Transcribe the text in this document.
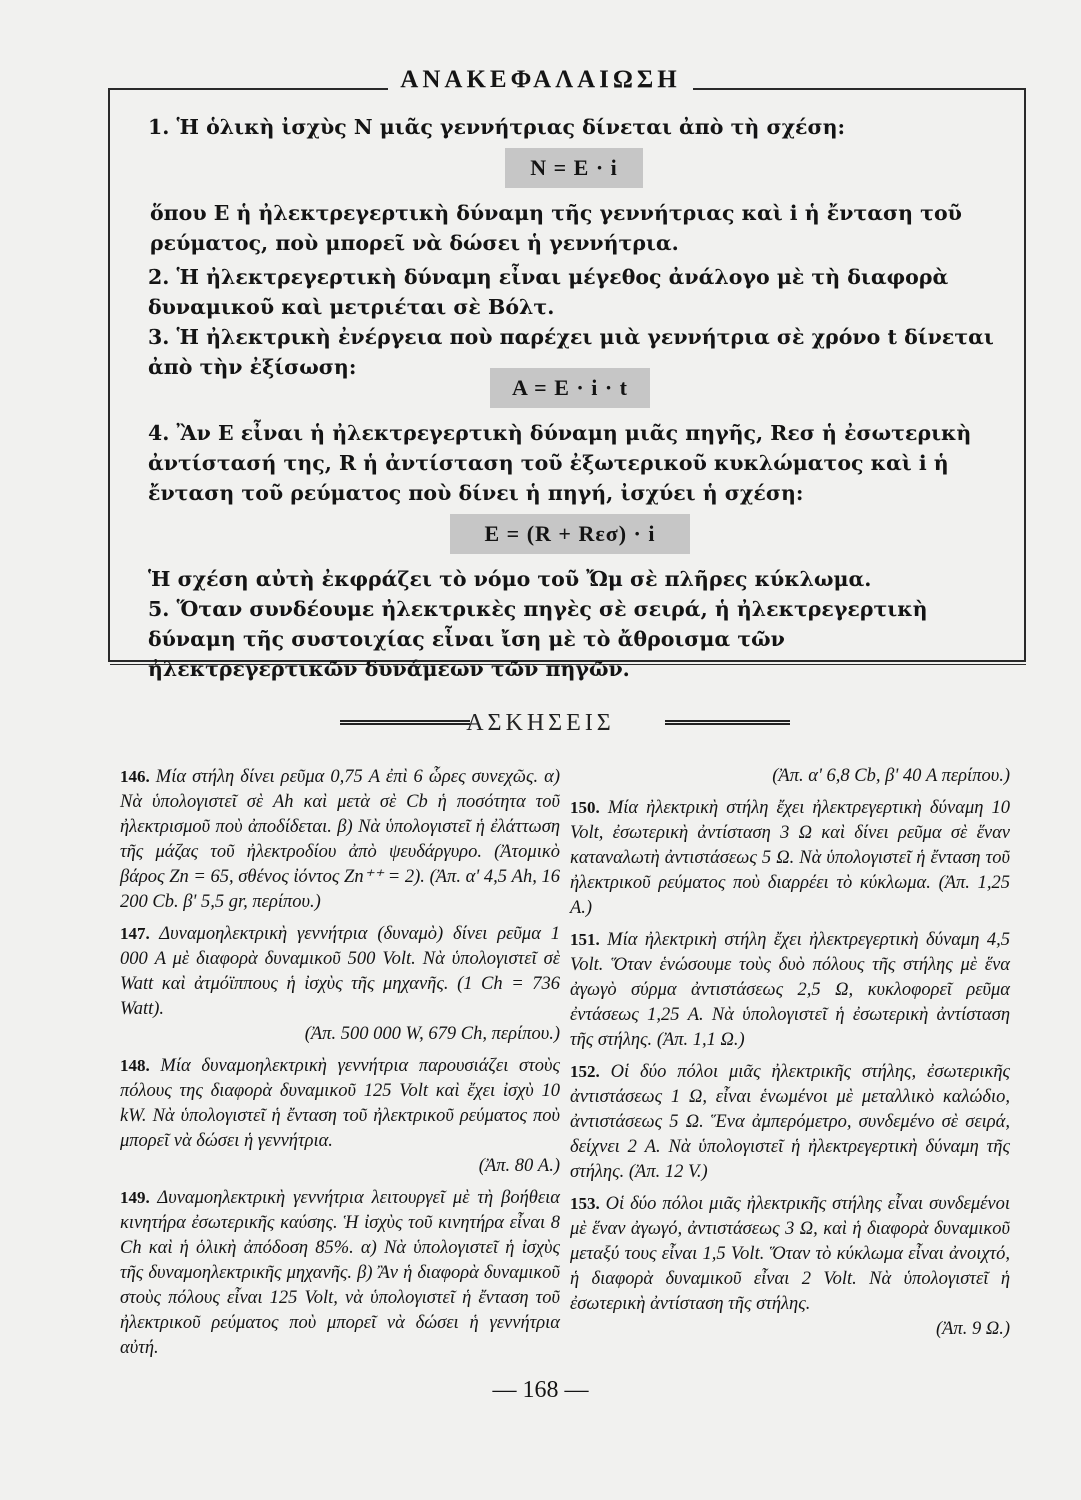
ΑΝΑΚΕΦΑΛΑΙΩΣΗ
1. Ἡ ὁλικὴ ἰσχὺς Ν μιᾶς γεννήτριας δίνεται ἀπὸ τὴ σχέση:
N = E · i
ὅπου Ε ἡ ἠλεκτρεγερτικὴ δύναμη τῆς γεννήτριας καὶ i ἡ ἔνταση τοῦ ρεύματος, ποὺ μπορεῖ νὰ δώσει ἡ γεννήτρια.
2. Ἡ ἠλεκτρεγερτικὴ δύναμη εἶναι μέγεθος ἀνάλογο μὲ τὴ διαφορὰ δυναμικοῦ καὶ μετριέται σὲ Βόλτ.
3. Ἡ ἠλεκτρικὴ ἐνέργεια ποὺ παρέχει μιὰ γεννήτρια σὲ χρόνο t δίνεται ἀπὸ τὴν ἐξίσωση:
A = E · i · t
4. Ἂν Ε εἶναι ἡ ἠλεκτρεγερτικὴ δύναμη μιᾶς πηγῆς, Rεσ ἡ ἐσωτερικὴ ἀντίστασή της, R ἡ ἀντίσταση τοῦ ἐξωτερικοῦ κυκλώματος καὶ i ἡ ἔνταση τοῦ ρεύματος ποὺ δίνει ἡ πηγή, ἰσχύει ἡ σχέση:
E = (R + Rεσ) · i
Ἡ σχέση αὐτὴ ἐκφράζει τὸ νόμο τοῦ Ὤμ σὲ πλῆρες κύκλωμα.
5. Ὅταν συνδέουμε ἠλεκτρικὲς πηγὲς σὲ σειρά, ἡ ἠλεκτρεγερτικὴ δύναμη τῆς συστοιχίας εἶναι ἴση μὲ τὸ ἄθροισμα τῶν ἠλεκτρεγερτικῶν δυνάμεων τῶν πηγῶν.
ΑΣΚΗΣΕΙΣ
146. Μία στήλη δίνει ρεῦμα 0,75 A ἐπὶ 6 ὧρες συνεχῶς. α) Νὰ ὑπολογιστεῖ σὲ Ah καὶ μετὰ σὲ Cb ἡ ποσότητα τοῦ ἠλεκτρισμοῦ ποὺ ἀποδίδεται. β) Νὰ ὑπολογιστεῖ ἡ ἐλάττωση τῆς μάζας τοῦ ἠλεκτροδίου ἀπὸ ψευδάργυρο. (Ἀτομικὸ βάρος Zn = 65, σθένος ἰόντος Zn⁺⁺ = 2). (Ἀπ. α' 4,5 Ah, 16 200 Cb. β' 5,5 gr, περίπου.)
147. Δυναμοηλεκτρικὴ γεννήτρια (δυναμὸ) δίνει ρεῦμα 1 000 A μὲ διαφορὰ δυναμικοῦ 500 Volt. Νὰ ὑπολογιστεῖ σὲ Watt καὶ ἀτμόϊππους ἡ ἰσχὺς τῆς μηχανῆς. (1 Ch = 736 Watt).
(Ἀπ. 500 000 W, 679 Ch, περίπου.)
148. Μία δυναμοηλεκτρικὴ γεννήτρια παρουσιάζει στοὺς πόλους της διαφορὰ δυναμικοῦ 125 Volt καὶ ἔχει ἰσχὺ 10 kW. Νὰ ὑπολογιστεῖ ἡ ἔνταση τοῦ ἠλεκτρικοῦ ρεύματος ποὺ μπορεῖ νὰ δώσει ἡ γεννήτρια.
(Ἀπ. 80 A.)
149. Δυναμοηλεκτρικὴ γεννήτρια λειτουργεῖ μὲ τὴ βοήθεια κινητήρα ἐσωτερικῆς καύσης. Ἡ ἰσχὺς τοῦ κινητήρα εἶναι 8 Ch καὶ ἡ ὁλικὴ ἀπόδοση 85%. α) Νὰ ὑπολογιστεῖ ἡ ἰσχὺς τῆς δυναμοηλεκτρικῆς μηχανῆς. β) Ἂν ἡ διαφορὰ δυναμικοῦ στοὺς πόλους εἶναι 125 Volt, νὰ ὑπολογιστεῖ ἡ ἔνταση τοῦ ἠλεκτρικοῦ ρεύματος ποὺ μπορεῖ νὰ δώσει ἡ γεννήτρια αὐτή.
(Ἀπ. α' 6,8 Cb, β' 40 A περίπου.)
150. Μία ἠλεκτρικὴ στήλη ἔχει ἠλεκτρεγερτικὴ δύναμη 10 Volt, ἐσωτερικὴ ἀντίσταση 3 Ω καὶ δίνει ρεῦμα σὲ ἕναν καταναλωτὴ ἀντιστάσεως 5 Ω. Νὰ ὑπολογιστεῖ ἡ ἔνταση τοῦ ἠλεκτρικοῦ ρεύματος ποὺ διαρρέει τὸ κύκλωμα. (Ἀπ. 1,25 A.)
151. Μία ἠλεκτρικὴ στήλη ἔχει ἠλεκτρεγερτικὴ δύναμη 4,5 Volt. Ὅταν ἑνώσουμε τοὺς δυὸ πόλους τῆς στήλης μὲ ἕνα ἀγωγὸ σύρμα ἀντιστάσεως 2,5 Ω, κυκλοφορεῖ ρεῦμα ἐντάσεως 1,25 A. Νὰ ὑπολογιστεῖ ἡ ἐσωτερικὴ ἀντίσταση τῆς στήλης. (Ἀπ. 1,1 Ω.)
152. Οἱ δύο πόλοι μιᾶς ἠλεκτρικῆς στήλης, ἐσωτερικῆς ἀντιστάσεως 1 Ω, εἶναι ἑνωμένοι μὲ μεταλλικὸ καλώδιο, ἀντιστάσεως 5 Ω. Ἕνα ἀμπερόμετρο, συνδεμένο σὲ σειρά, δείχνει 2 A. Νὰ ὑπολογιστεῖ ἡ ἠλεκτρεγερτικὴ δύναμη τῆς στήλης. (Ἀπ. 12 V.)
153. Οἱ δύο πόλοι μιᾶς ἠλεκτρικῆς στήλης εἶναι συνδεμένοι μὲ ἕναν ἀγωγό, ἀντιστάσεως 3 Ω, καὶ ἡ διαφορὰ δυναμικοῦ μεταξύ τους εἶναι 1,5 Volt. Ὅταν τὸ κύκλωμα εἶναι ἀνοιχτό, ἡ διαφορὰ δυναμικοῦ εἶναι 2 Volt. Νὰ ὑπολογιστεῖ ἡ ἐσωτερικὴ ἀντίσταση τῆς στήλης.
(Ἀπ. 9 Ω.)
— 168 —
